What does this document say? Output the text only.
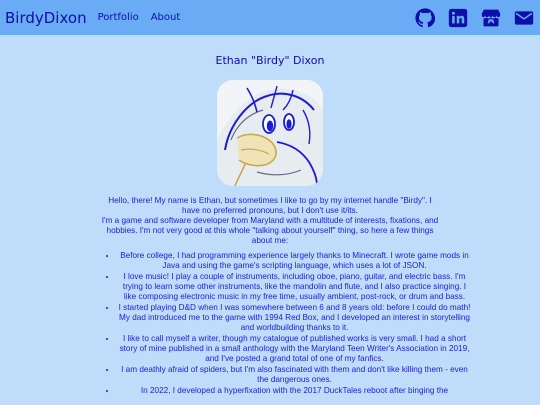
BirdyDixon Portfolio About
Ethan "Birdy" Dixon

Hello, there! My name is Ethan, but sometimes I like to go by my internet handle "Birdy". I have no preferred pronouns, but I don't use it/its.

I'm a game and software developer from Maryland with a multitude of interests, fixations, and hobbies. I'm not very good at this whole "talking about yourself" thing, so here a few things about me:

• Before college, I had programming experience largely thanks to Minecraft. I wrote game mods in Java and using the game's scripting language, which uses a lot of JSON.
• I love music! I play a couple of instruments, including oboe, piano, guitar, and electric bass. I'm trying to learn some other instruments, like the mandolin and flute, and I also practice singing. I like composing electronic music in my free time, usually ambient, post-rock, or drum and bass.
• I started playing D&D when I was somewhere between 6 and 8 years old: before I could do math! My dad introduced me to the game with 1994 Red Box, and I developed an interest in storytelling and worldbuilding thanks to it.
• I like to call myself a writer, though my catalogue of published works is very small. I had a short story of mine published in a small anthology with the Maryland Teen Writer's Association in 2019, and I've posted a grand total of one of my fanfics.
• I am deathly afraid of spiders, but I'm also fascinated with them and don't like killing them - even the dangerous ones.
• In 2022, I developed a hyperfixation with the 2017 DuckTales reboot after binging the
